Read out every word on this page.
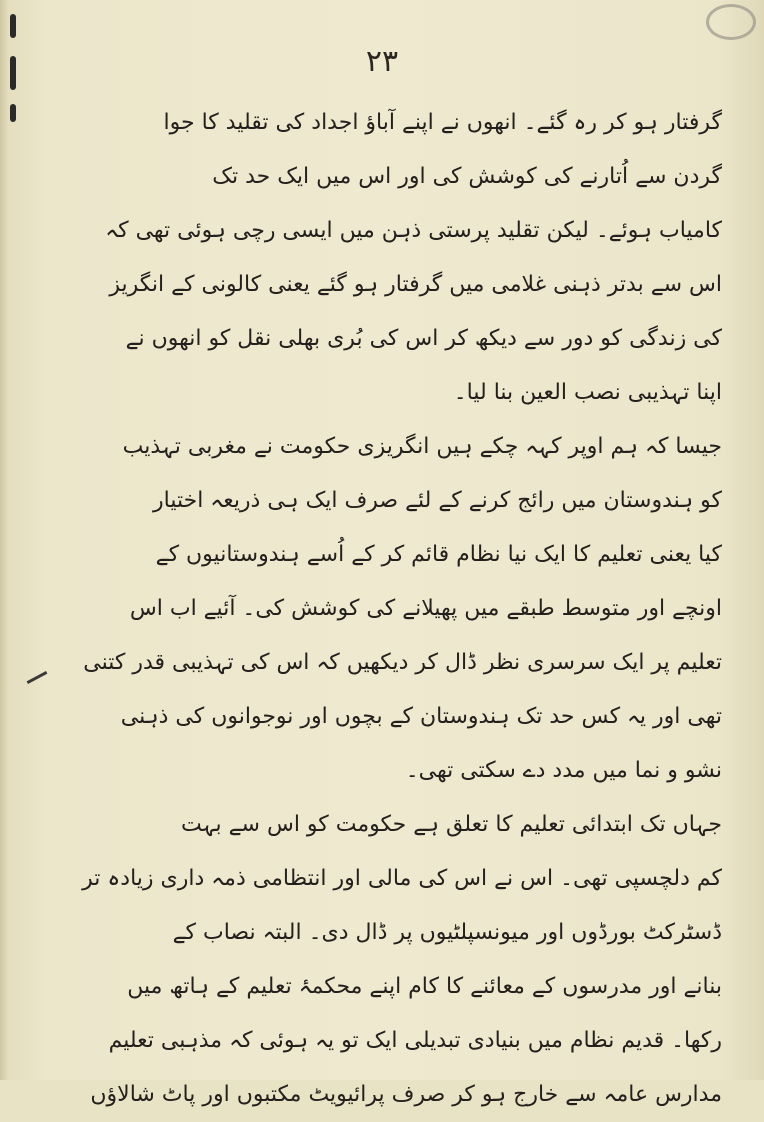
۲۳
گرفتار ہو کر رہ گئے۔ انھوں نے اپنے آباؤ اجداد کی تقلید کا جوا
گردن سے اُتارنے کی کوشش کی اور اس میں ایک حد تک
کامیاب ہوئے۔ لیکن تقلید پرستی ذہن میں ایسی رچی ہوئی تھی کہ
اس سے بدتر ذہنی غلامی میں گرفتار ہو گئے یعنی کالونی کے انگریز
کی زندگی کو دور سے دیکھ کر اس کی بُری بھلی نقل کو انھوں نے
اپنا تہذیبی نصب العین بنا لیا۔
جیسا کہ ہم اوپر کہہ چکے ہیں انگریزی حکومت نے مغربی تہذیب
کو ہندوستان میں رائج کرنے کے لئے صرف ایک ہی ذریعہ اختیار
کیا یعنی تعلیم کا ایک نیا نظام قائم کر کے اُسے ہندوستانیوں کے
اونچے اور متوسط طبقے میں پھیلانے کی کوشش کی۔ آئیے اب اس
تعلیم پر ایک سرسری نظر ڈال کر دیکھیں کہ اس کی تہذیبی قدر کتنی
تھی اور یہ کس حد تک ہندوستان کے بچوں اور نوجوانوں کی ذہنی
نشو و نما میں مدد دے سکتی تھی۔
جہاں تک ابتدائی تعلیم کا تعلق ہے حکومت کو اس سے بہت
کم دلچسپی تھی۔ اس نے اس کی مالی اور انتظامی ذمہ داری زیادہ تر
ڈسٹرکٹ بورڈوں اور میونسپلٹیوں پر ڈال دی۔ البتہ نصاب کے
بنانے اور مدرسوں کے معائنے کا کام اپنے محکمۂ تعلیم کے ہاتھ میں
رکھا۔ قدیم نظام میں بنیادی تبدیلی ایک تو یہ ہوئی کہ مذہبی تعلیم
مدارس عامہ سے خارج ہو کر صرف پرائیویٹ مکتبوں اور پاٹ شالاؤں
